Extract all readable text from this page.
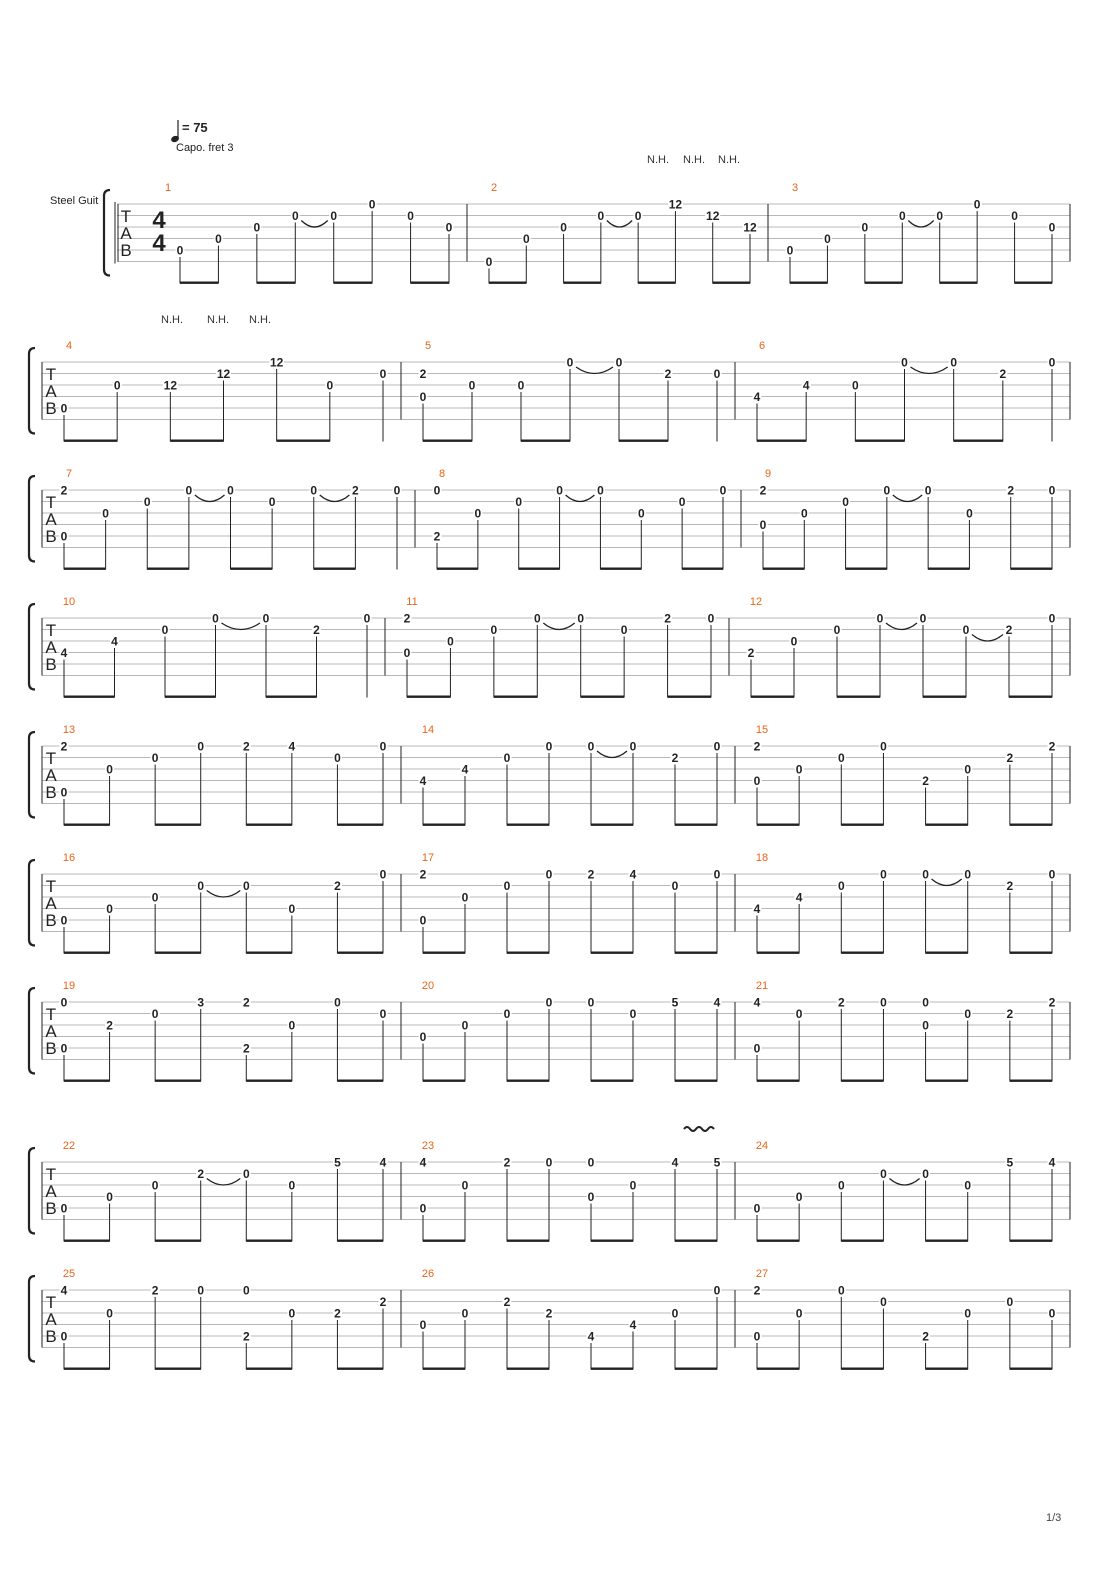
= 75
Capo. fret 3
Steel Guit
T
A
B
4
4
1
0
0
0
0	0
0
0
0
2
0
0
0
0	0
12
12
12
3
0
0
0
0	0
0
0
0
T
A
B
4
0
0	12
12
12
0
0
5
2
0
0	0
0	0
2	0
6
4
4	0
0	0
2
0
T
A
B
7
2
0
0
0
0	0
0
0	2	0
8
0
2
0
0
0	0
0
0
0
9
2
0
0
0
0	0
0
2	0
T
A
B
10
4
4
0
0	0
2
0
11
2
0
0
0
0	0
0
2	0
12
2
0
0
0	0
0	2
0
T
A
B
13
2
0
0
0
0	2	4
0
0
14
4
4
0
0	0	0
2
0
15
2
0
0
0
0
2
0
2
2
T
A
B
16
0
0
0
0	0
0
2
0
17
2
0
0
0
0	2	4
0
0
18
4
4
0
0	0	0
2
0
T
A
B
19
0
0
2
0
3	2
2
0
0
0
20
0
0
0
0	0
0
5	4
21
4
0
0
2	0	0
0
0	2
2
T
A
B
22
0
0
0
2	0
0
5	4
23
4
0
0
2	0	0
0
0
4	5
24
0
0
0
0	0
0
5	4
T
A
B
25
4
0
0
2	0	0
2
0	2
2
26
0
0
2
2
4
4
0
0
27
2
0
0
0
0
2
0
0
0
N.H. N.H. N.H.
N.H. N.H. N.H.
1/3
